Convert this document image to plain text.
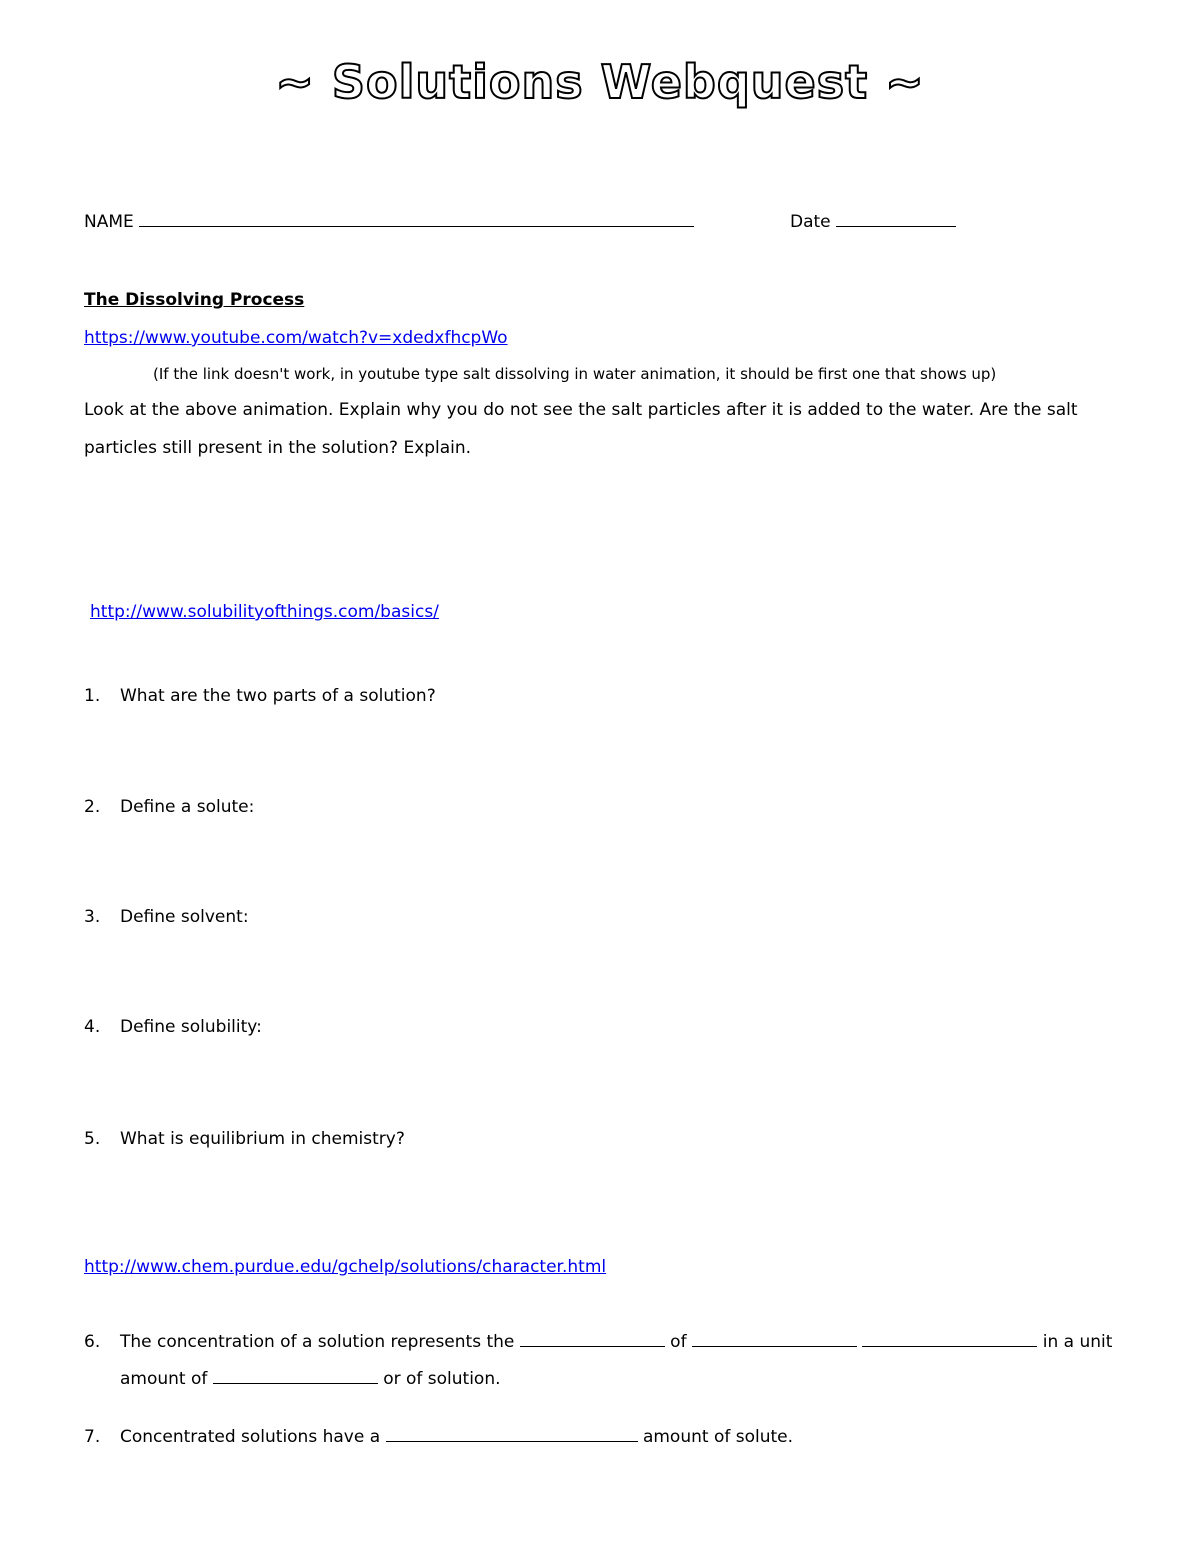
~ Solutions Webquest ~
NAME	Date
The Dissolving Process
https://www.youtube.com/watch?v=xdedxfhcpWo
(If the link doesn't work, in youtube type salt dissolving in water animation, it should be first one that shows up)
Look at the above animation. Explain why you do not see the salt particles after it is added to the water. Are the salt
particles still present in the solution? Explain.
http://www.solubilityofthings.com/basics/
1. What are the two parts of a solution?
2. Define a solute:
3. Define solvent:
4. Define solubility:
5. What is equilibrium in chemistry?
http://www.chem.purdue.edu/gchelp/solutions/character.html
6. The concentration of a solution represents the	of	in a unit
amount of	or of solution.
7. Concentrated solutions have a	amount of solute.
